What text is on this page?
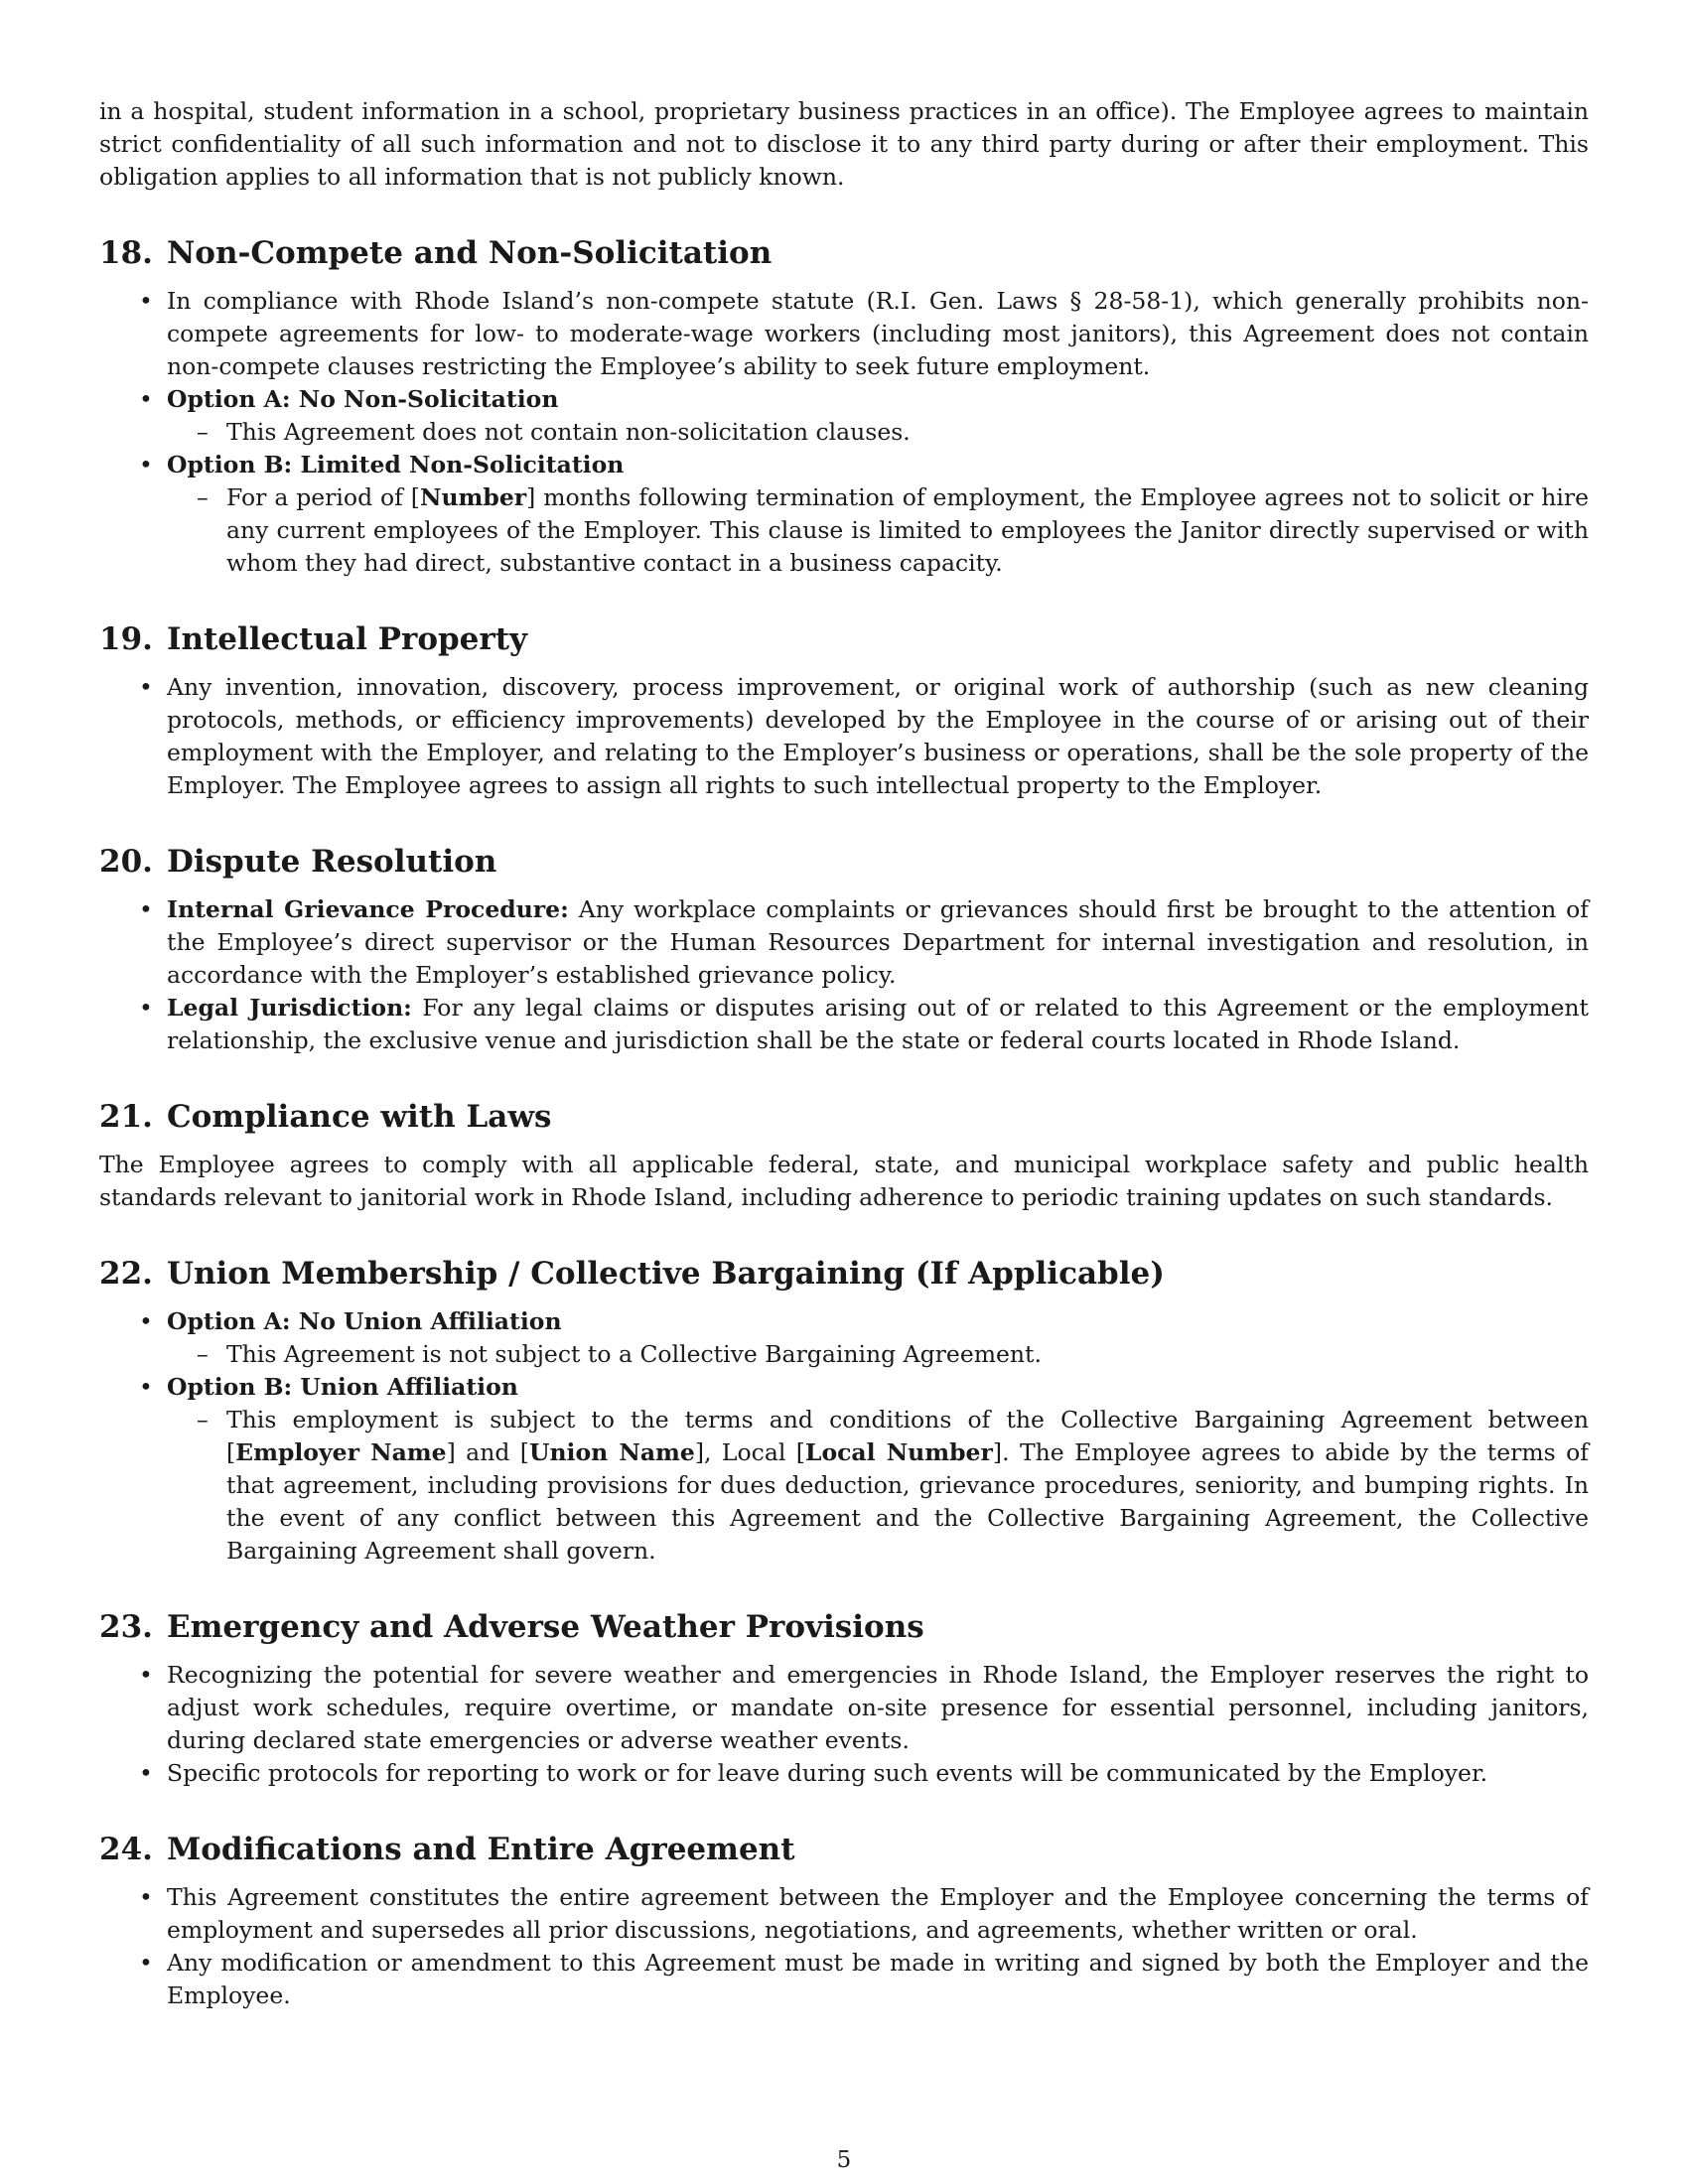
in a hospital, student information in a school, proprietary business practices in an office). The Employee agrees to maintain strict confidentiality of all such information and not to disclose it to any third party during or after their employment. This obligation applies to all information that is not publicly known.

18. Non-Compete and Non-Solicitation
• In compliance with Rhode Island’s non-compete statute (R.I. Gen. Laws § 28-58-1), which generally prohibits non-compete agreements for low- to moderate-wage workers (including most janitors), this Agreement does not contain non-compete clauses restricting the Employee’s ability to seek future employment.
• Option A: No Non-Solicitation
– This Agreement does not contain non-solicitation clauses.
• Option B: Limited Non-Solicitation
– For a period of [Number] months following termination of employment, the Employee agrees not to solicit or hire any current employees of the Employer. This clause is limited to employees the Janitor directly supervised or with whom they had direct, substantive contact in a business capacity.
19. Intellectual Property
• Any invention, innovation, discovery, process improvement, or original work of authorship (such as new cleaning protocols, methods, or efficiency improvements) developed by the Employee in the course of or arising out of their employment with the Employer, and relating to the Employer’s business or operations, shall be the sole property of the Employer. The Employee agrees to assign all rights to such intellectual property to the Employer.
20. Dispute Resolution
• Internal Grievance Procedure: Any workplace complaints or grievances should first be brought to the attention of the Employee’s direct supervisor or the Human Resources Department for internal investigation and resolution, in accordance with the Employer’s established grievance policy.
• Legal Jurisdiction: For any legal claims or disputes arising out of or related to this Agreement or the employment relationship, the exclusive venue and jurisdiction shall be the state or federal courts located in Rhode Island.
21. Compliance with Laws

The Employee agrees to comply with all applicable federal, state, and municipal workplace safety and public health standards relevant to janitorial work in Rhode Island, including adherence to periodic training updates on such standards.

22. Union Membership / Collective Bargaining (If Applicable)
• Option A: No Union Affiliation
– This Agreement is not subject to a Collective Bargaining Agreement.
• Option B: Union Affiliation
– This employment is subject to the terms and conditions of the Collective Bargaining Agreement between [Employer Name] and [Union Name], Local [Local Number]. The Employee agrees to abide by the terms of that agreement, including provisions for dues deduction, grievance procedures, seniority, and bumping rights. In the event of any conflict between this Agreement and the Collective Bargaining Agreement, the Collective Bargaining Agreement shall govern.
23. Emergency and Adverse Weather Provisions
• Recognizing the potential for severe weather and emergencies in Rhode Island, the Employer reserves the right to adjust work schedules, require overtime, or mandate on-site presence for essential personnel, including janitors, during declared state emergencies or adverse weather events.
• Specific protocols for reporting to work or for leave during such events will be communicated by the Employer.
24. Modifications and Entire Agreement
• This Agreement constitutes the entire agreement between the Employer and the Employee concerning the terms of employment and supersedes all prior discussions, negotiations, and agreements, whether written or oral.
• Any modification or amendment to this Agreement must be made in writing and signed by both the Employer and the Employee.
5
